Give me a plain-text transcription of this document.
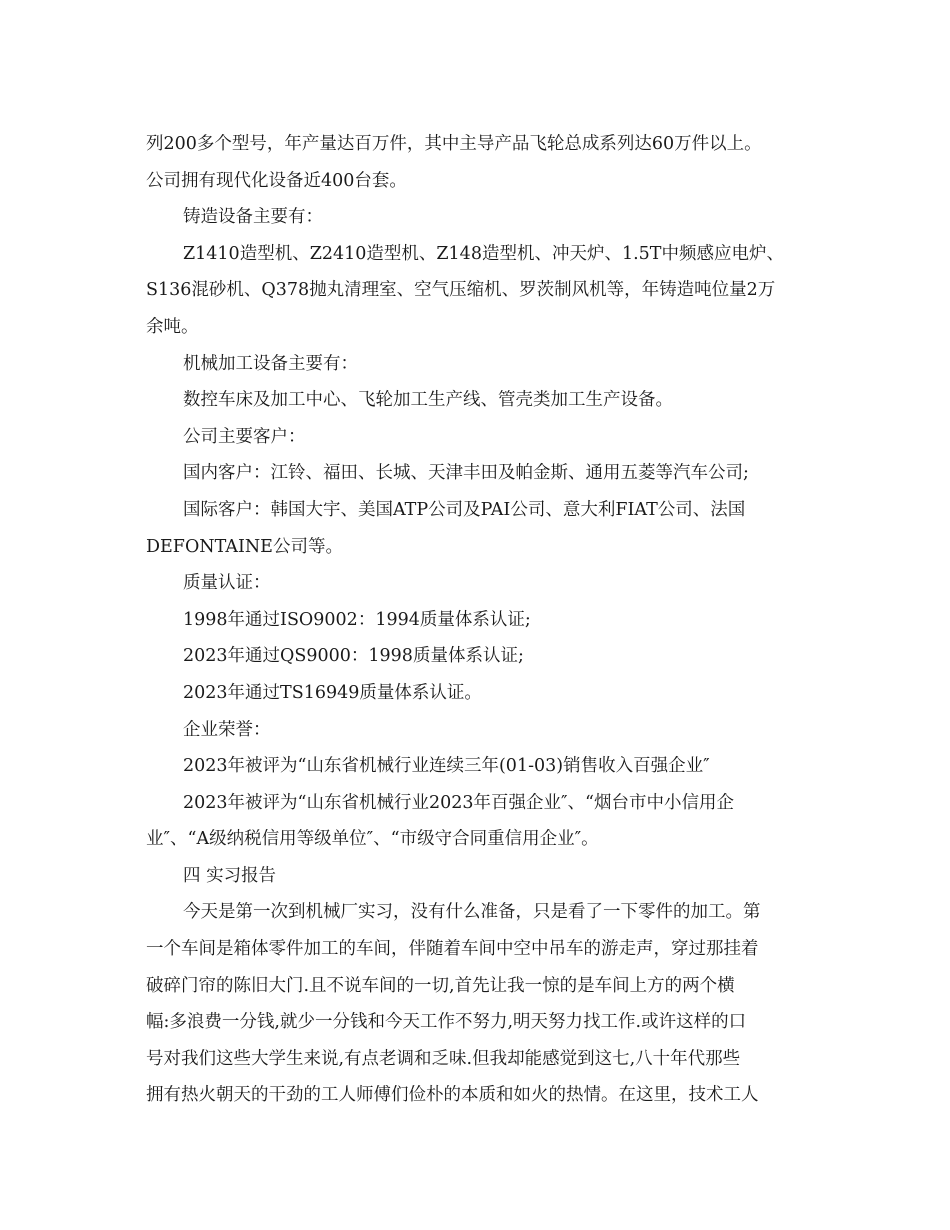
列200多个型号，年产量达百万件，其中主导产品飞轮总成系列达60万件以上。
公司拥有现代化设备近400台套。
铸造设备主要有：
Z1410造型机、Z2410造型机、Z148造型机、冲天炉、1.5T中频感应电炉、
S136混砂机、Q378抛丸清理室、空气压缩机、罗茨制风机等，年铸造吨位量2万
余吨。
机械加工设备主要有：
数控车床及加工中心、飞轮加工生产线、管壳类加工生产设备。
公司主要客户：
国内客户：江铃、福田、长城、天津丰田及帕金斯、通用五菱等汽车公司;
国际客户：韩国大宇、美国ATP公司及PAI公司、意大利FIAT公司、法国
DEFONTAINE公司等。
质量认证：
1998年通过ISO9002：1994质量体系认证;
2023年通过QS9000：1998质量体系认证;
2023年通过TS16949质量体系认证。
企业荣誉：
2023年被评为“山东省机械行业连续三年(01-03)销售收入百强企业″
2023年被评为“山东省机械行业2023年百强企业″、“烟台市中小信用企
业″、“A级纳税信用等级单位″、“市级守合同重信用企业″。
四 实习报告
今天是第一次到机械厂实习，没有什么准备，只是看了一下零件的加工。第
一个车间是箱体零件加工的车间，伴随着车间中空中吊车的游走声，穿过那挂着
破碎门帘的陈旧大门.且不说车间的一切,首先让我一惊的是车间上方的两个横
幅:多浪费一分钱,就少一分钱和今天工作不努力,明天努力找工作.或许这样的口
号对我们这些大学生来说,有点老调和乏味.但我却能感觉到这七,八十年代那些
拥有热火朝天的干劲的工人师傅们俭朴的本质和如火的热情。在这里，技术工人
